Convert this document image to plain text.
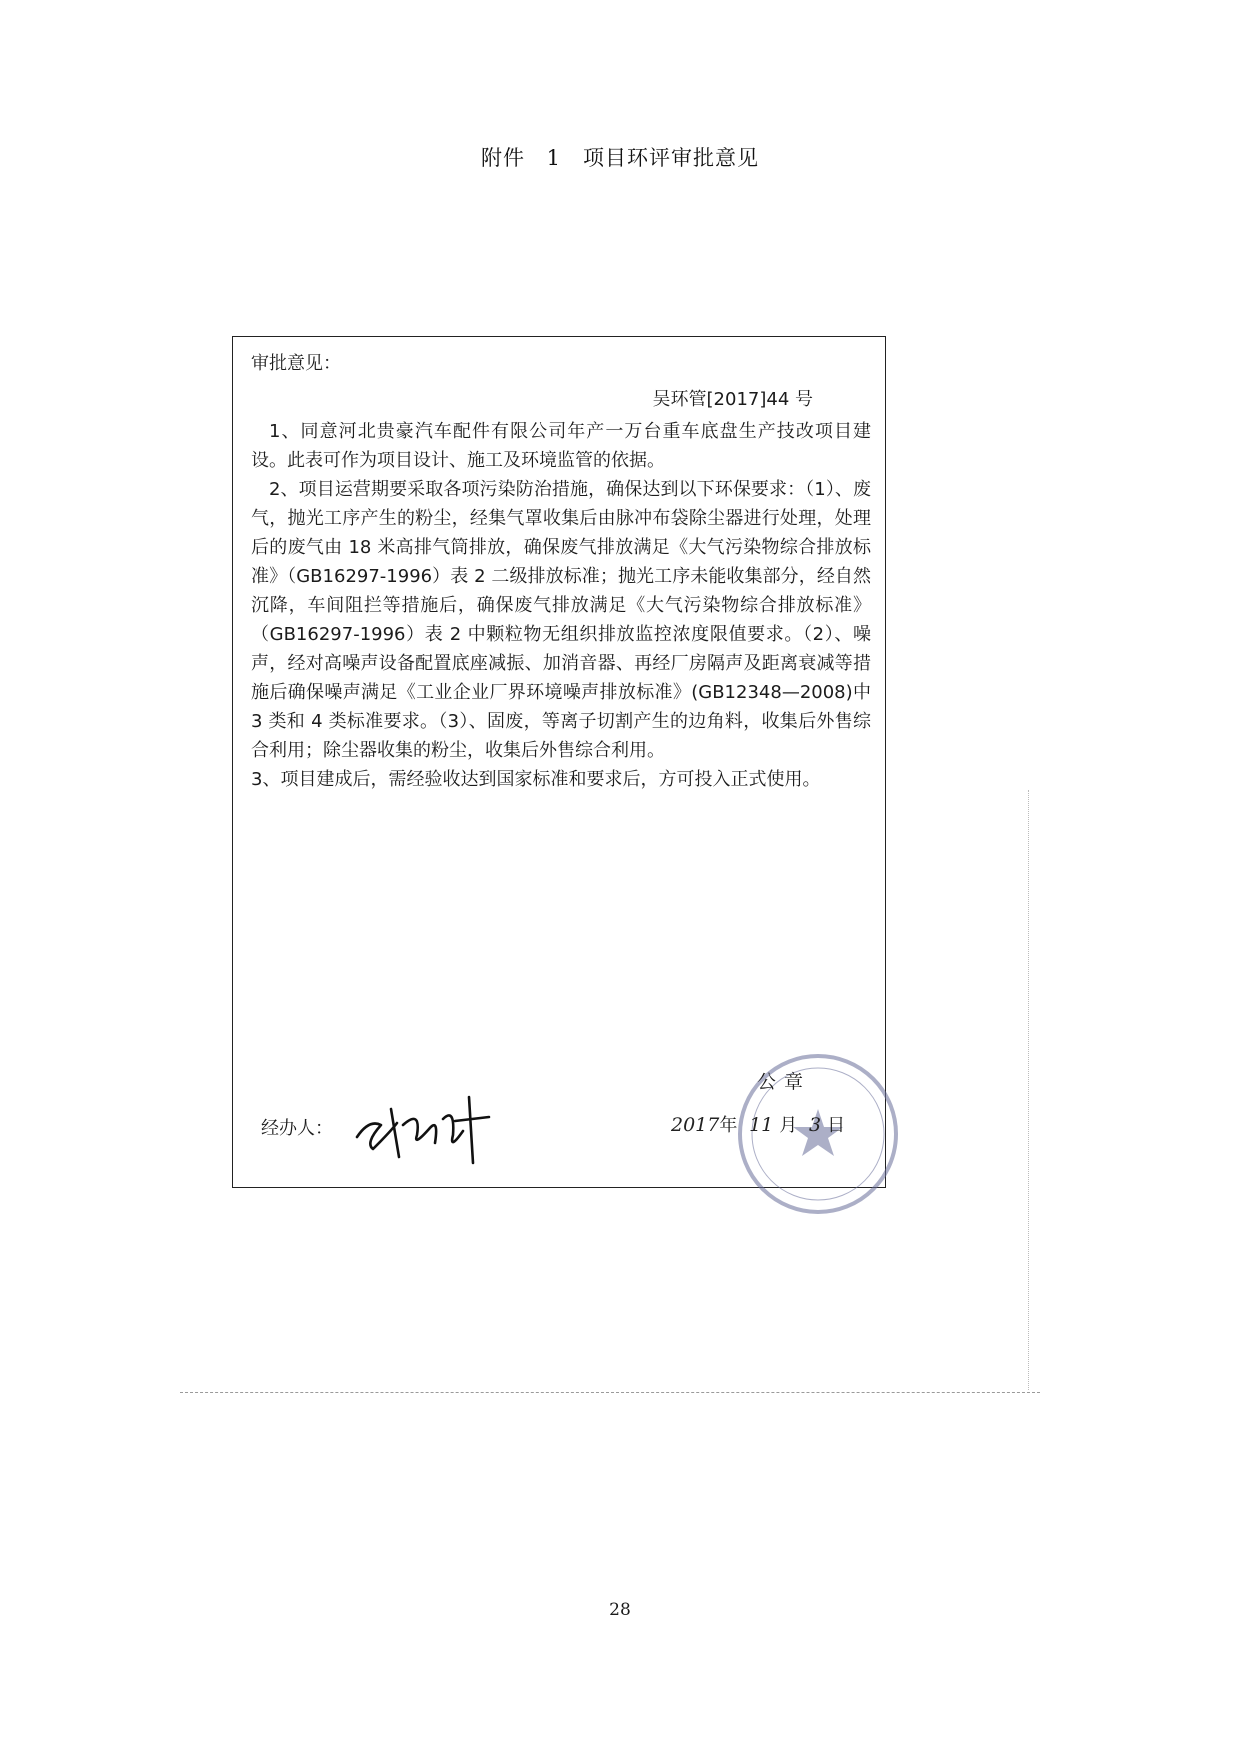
附件 1　项目环评审批意见
审批意见：
吴环管[2017]44 号

1、同意河北贵豪汽车配件有限公司年产一万台重车底盘生产技改项目建设。此表可作为项目设计、施工及环境监管的依据。

2、项目运营期要采取各项污染防治措施，确保达到以下环保要求：（1）、废气，抛光工序产生的粉尘，经集气罩收集后由脉冲布袋除尘器进行处理，处理后的废气由 18 米高排气筒排放，确保废气排放满足《大气污染物综合排放标准》（GB16297-1996）表 2 二级排放标准；抛光工序未能收集部分，经自然沉降，车间阻拦等措施后，确保废气排放满足《大气污染物综合排放标准》（GB16297-1996）表 2 中颗粒物无组织排放监控浓度限值要求。（2）、噪声，经对高噪声设备配置底座减振、加消音器、再经厂房隔声及距离衰减等措施后确保噪声满足《工业企业厂界环境噪声排放标准》(GB12348—2008)中 3 类和 4 类标准要求。（3）、固废，等离子切割产生的边角料，收集后外售综合利用；除尘器收集的粉尘，收集后外售综合利用。

3、项目建成后，需经验收达到国家标准和要求后，方可投入正式使用。

公章
经办人：	2017年 11 月 3 日
28
